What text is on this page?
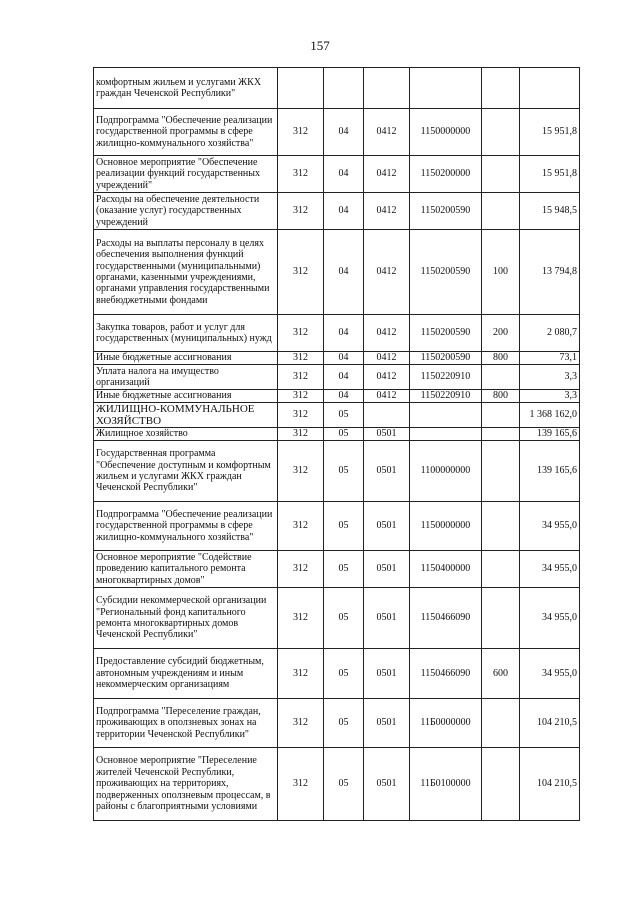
157
комфортным жильем и услугами ЖКХ граждан Чеченской Республики"						
Подпрограмма "Обеспечение реализации государственной программы в сфере жилищно-коммунального хозяйства"	312	04	0412	1150000000		15 951,8
Основное мероприятие "Обеспечение реализации функций государственных учреждений"	312	04	0412	1150200000		15 951,8
Расходы на обеспечение деятельности (оказание услуг) государственных учреждений	312	04	0412	1150200590		15 948,5
Расходы на выплаты персоналу в целях обеспечения выполнения функций государственными (муниципальными) органами, казенными учреждениями, органами управления государственными внебюджетными фондами	312	04	0412	1150200590	100	13 794,8
Закупка товаров, работ и услуг для государственных (муниципальных) нужд	312	04	0412	1150200590	200	2 080,7
Иные бюджетные ассигнования	312	04	0412	1150200590	800	73,1
Уплата налога на имущество организаций	312	04	0412	1150220910		3,3
Иные бюджетные ассигнования	312	04	0412	1150220910	800	3,3
ЖИЛИЩНО-КОММУНАЛЬНОЕ ХОЗЯЙСТВО	312	05				1 368 162,0
Жилищное хозяйство	312	05	0501			139 165,6
Государственная программа "Обеспечение доступным и комфортным жильем и услугами ЖКХ граждан Чеченской Республики"	312	05	0501	1100000000		139 165,6
Подпрограмма "Обеспечение реализации государственной программы в сфере жилищно-коммунального хозяйства"	312	05	0501	1150000000		34 955,0
Основное мероприятие "Содействие проведению капитального ремонта многоквартирных домов"	312	05	0501	1150400000		34 955,0
Субсидии некоммерческой организации "Региональный фонд капитального ремонта многоквартирных домов Чеченской Республики"	312	05	0501	1150466090		34 955,0
Предоставление субсидий бюджетным, автономным учреждениям и иным некоммерческим организациям	312	05	0501	1150466090	600	34 955,0
Подпрограмма "Переселение граждан, проживающих в оползневых зонах на территории Чеченской Республики"	312	05	0501	11Б0000000		104 210,5
Основное мероприятие "Переселение жителей Чеченской Республики, проживающих на территориях, подверженных оползневым процессам, в районы с благоприятными условиями	312	05	0501	11Б0100000		104 210,5
